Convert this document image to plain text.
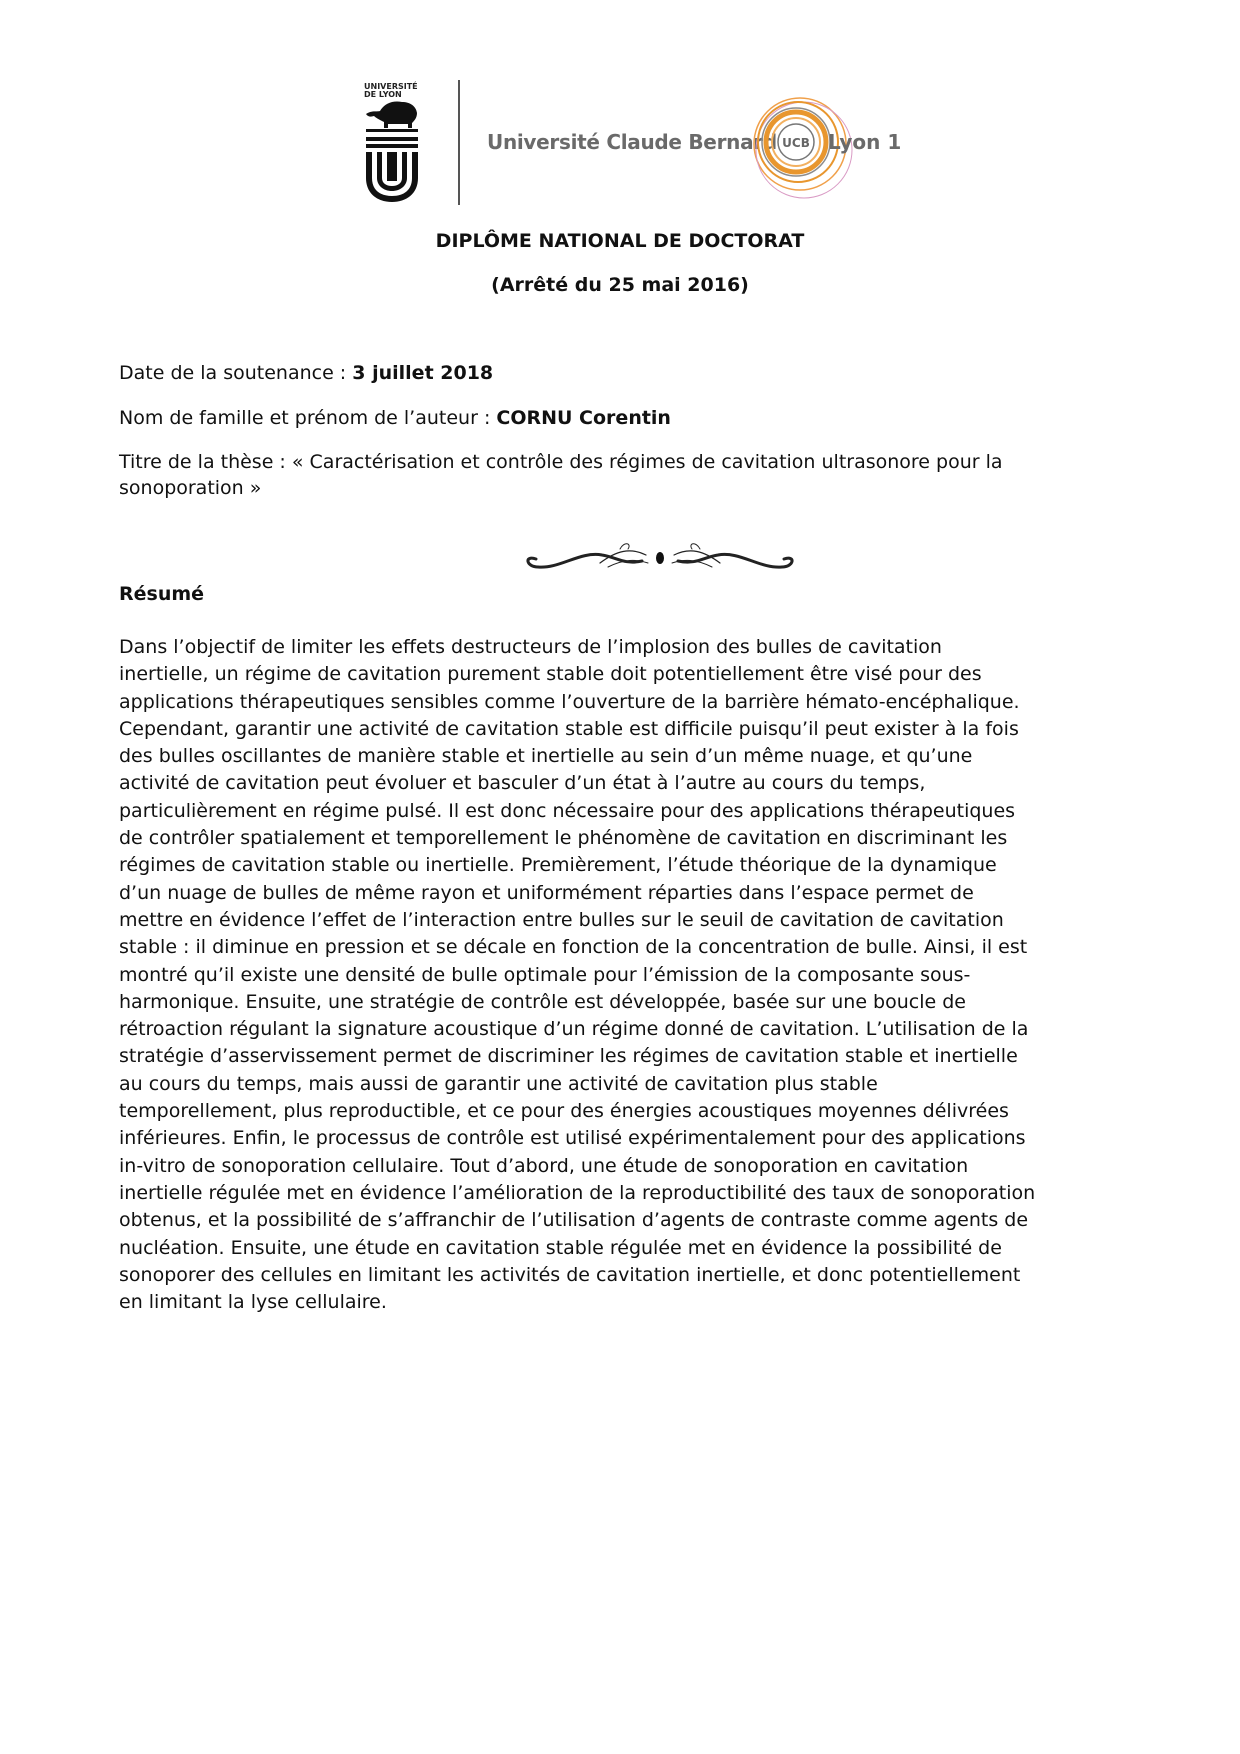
UNIVERSITÉ
DE LYON
Université Claude Bernard UCB Lyon 1
DIPLÔME NATIONAL DE DOCTORAT
(Arrêté du 25 mai 2016)
Date de la soutenance : 3 juillet 2018
Nom de famille et prénom de l’auteur : CORNU Corentin
Titre de la thèse : « Caractérisation et contrôle des régimes de cavitation ultrasonore pour la
sonoporation »
Résumé
Dans l’objectif de limiter les effets destructeurs de l’implosion des bulles de cavitation
inertielle, un régime de cavitation purement stable doit potentiellement être visé pour des
applications thérapeutiques sensibles comme l’ouverture de la barrière hémato-encéphalique.
Cependant, garantir une activité de cavitation stable est difficile puisqu’il peut exister à la fois
des bulles oscillantes de manière stable et inertielle au sein d’un même nuage, et qu’une
activité de cavitation peut évoluer et basculer d’un état à l’autre au cours du temps,
particulièrement en régime pulsé. Il est donc nécessaire pour des applications thérapeutiques
de contrôler spatialement et temporellement le phénomène de cavitation en discriminant les
régimes de cavitation stable ou inertielle. Premièrement, l’étude théorique de la dynamique
d’un nuage de bulles de même rayon et uniformément réparties dans l’espace permet de
mettre en évidence l’effet de l’interaction entre bulles sur le seuil de cavitation de cavitation
stable : il diminue en pression et se décale en fonction de la concentration de bulle. Ainsi, il est
montré qu’il existe une densité de bulle optimale pour l’émission de la composante sous-
harmonique. Ensuite, une stratégie de contrôle est développée, basée sur une boucle de
rétroaction régulant la signature acoustique d’un régime donné de cavitation. L’utilisation de la
stratégie d’asservissement permet de discriminer les régimes de cavitation stable et inertielle
au cours du temps, mais aussi de garantir une activité de cavitation plus stable
temporellement, plus reproductible, et ce pour des énergies acoustiques moyennes délivrées
inférieures. Enfin, le processus de contrôle est utilisé expérimentalement pour des applications
in-vitro de sonoporation cellulaire. Tout d’abord, une étude de sonoporation en cavitation
inertielle régulée met en évidence l’amélioration de la reproductibilité des taux de sonoporation
obtenus, et la possibilité de s’affranchir de l’utilisation d’agents de contraste comme agents de
nucléation. Ensuite, une étude en cavitation stable régulée met en évidence la possibilité de
sonoporer des cellules en limitant les activités de cavitation inertielle, et donc potentiellement
en limitant la lyse cellulaire.
